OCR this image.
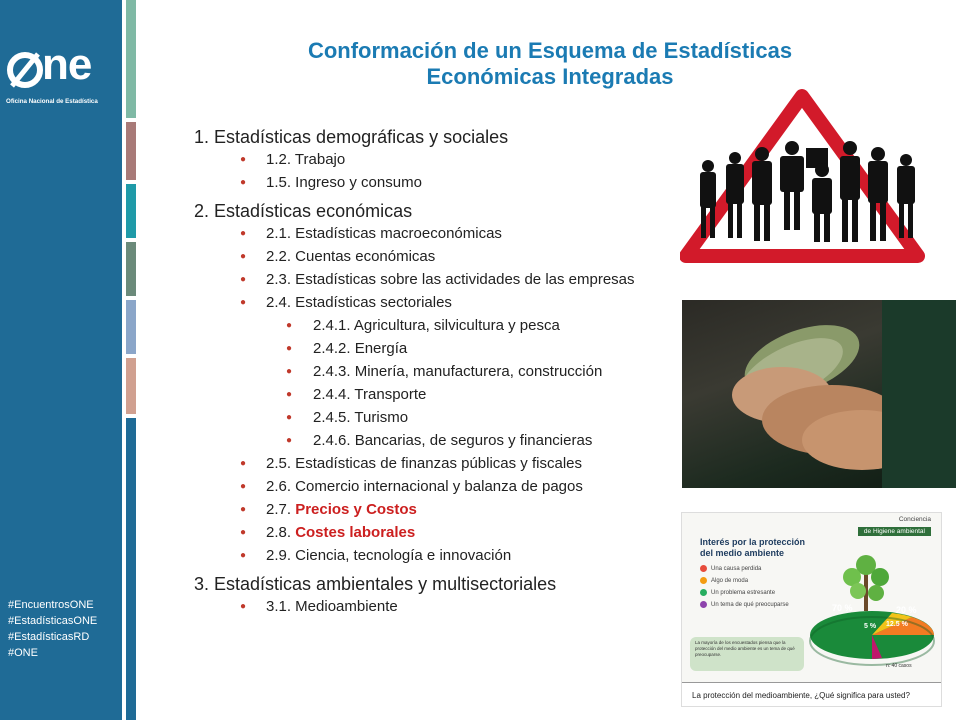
ne
Oficina Nacional de Estadística
#EncuentrosONE
#EstadísticasONE
#EstadísticasRD
#ONE
Conformación de un Esquema de Estadísticas
Económicas Integradas
1. Estadísticas demográficas y sociales
● 1.2. Trabajo
● 1.5. Ingreso y consumo
2. Estadísticas económicas
● 2.1. Estadísticas macroeconómicas
● 2.2. Cuentas económicas
● 2.3. Estadísticas sobre las actividades de las empresas
● 2.4. Estadísticas sectoriales
● 2.4.1. Agricultura, silvicultura y pesca
● 2.4.2. Energía
● 2.4.3. Minería, manufacturera, construcción
● 2.4.4. Transporte
● 2.4.5. Turismo
● 2.4.6. Bancarias, de seguros y financieras
● 2.5. Estadísticas de finanzas públicas y fiscales
● 2.6. Comercio internacional y balanza de pagos
● 2.7. Precios y Costos
● 2.8. Costes laborales
● 2.9. Ciencia, tecnología e innovación
3. Estadísticas ambientales y multisectoriales
● 3.1. Medioambiente
Conciencia
de Higiene ambiental
Interés por la protección
del medio ambiente
Una causa perdida
Algo de moda
Un problema estresante
Un tema de qué preocuparse
La mayoría de los encuestados piensa que la protección del medio ambiente es un tema de qué preocuparse.
70 %	20 %
5 % 12.5 %
n: 40 casos
La protección del medioambiente, ¿Qué significa para usted?
